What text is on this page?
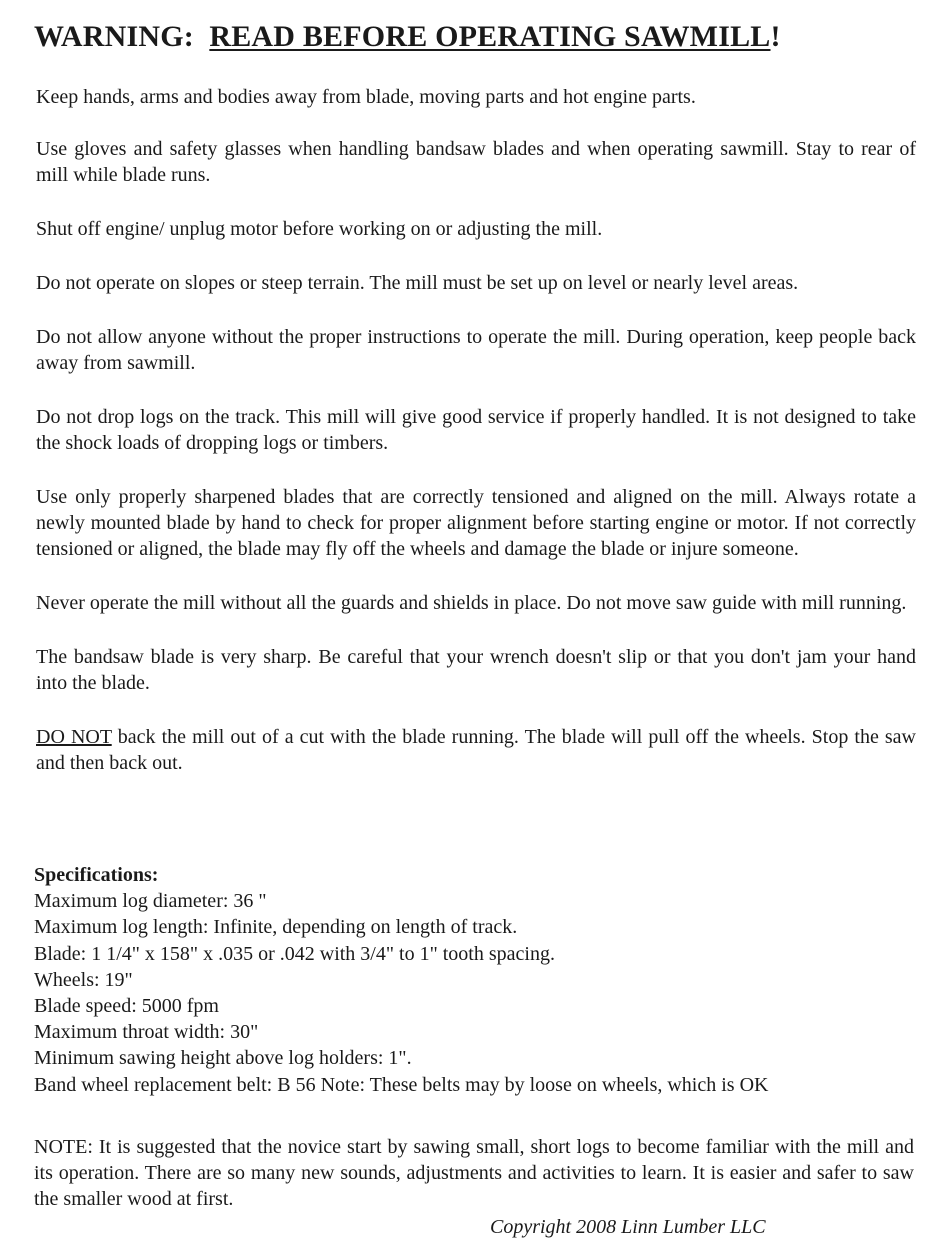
WARNING: READ BEFORE OPERATING SAWMILL!

Keep hands, arms and bodies away from blade, moving parts and hot engine parts.

Use gloves and safety glasses when handling bandsaw blades and when operating sawmill. Stay to rear of mill while blade runs.

Shut off engine/ unplug motor before working on or adjusting the mill.

Do not operate on slopes or steep terrain. The mill must be set up on level or nearly level areas.

Do not allow anyone without the proper instructions to operate the mill. During operation, keep people back away from sawmill.

Do not drop logs on the track. This mill will give good service if properly handled. It is not designed to take the shock loads of dropping logs or timbers.

Use only properly sharpened blades that are correctly tensioned and aligned on the mill. Always rotate a newly mounted blade by hand to check for proper alignment before starting engine or motor. If not correctly tensioned or aligned, the blade may fly off the wheels and damage the blade or injure someone.

Never operate the mill without all the guards and shields in place. Do not move saw guide with mill running.

The bandsaw blade is very sharp. Be careful that your wrench doesn't slip or that you don't jam your hand into the blade.

DO NOT back the mill out of a cut with the blade running. The blade will pull off the wheels. Stop the saw and then back out.

Specifications:
Maximum log diameter: 36 "
Maximum log length: Infinite, depending on length of track.
Blade: 1 1/4" x 158" x .035 or .042 with 3/4" to 1" tooth spacing.
Wheels: 19"
Blade speed: 5000 fpm
Maximum throat width: 30"
Minimum sawing height above log holders: 1".
Band wheel replacement belt: B 56 Note: These belts may by loose on wheels, which is OK

NOTE: It is suggested that the novice start by sawing small, short logs to become familiar with the mill and its operation. There are so many new sounds, adjustments and activities to learn. It is easier and safer to saw the smaller wood at first.

Copyright 2008 Linn Lumber LLC
